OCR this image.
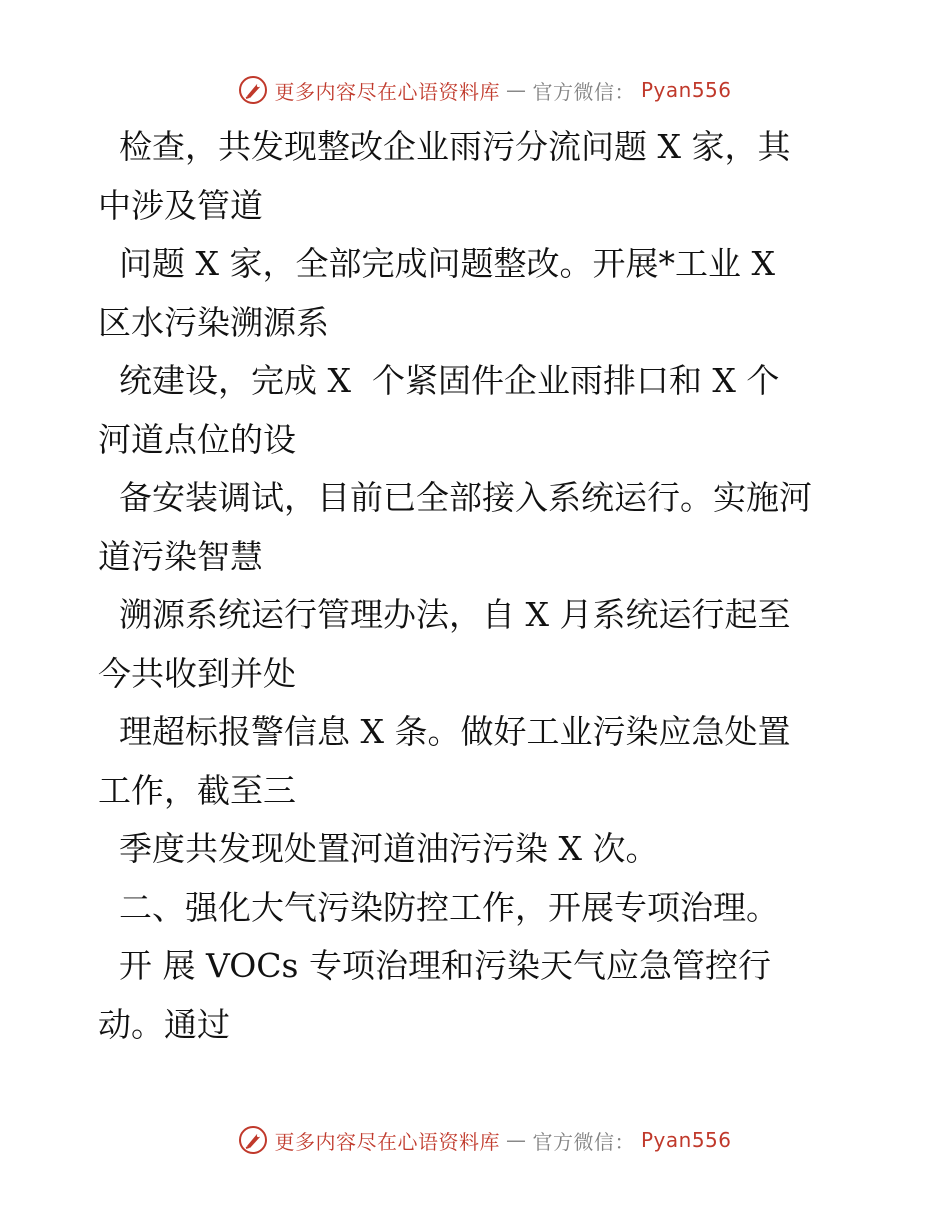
更多内容尽在心语资料库 — 官方微信： Pyan556

检查，共发现整改企业雨污分流问题 X 家，其

中涉及管道

问题 X 家，全部完成问题整改。开展*工业 X

区水污染溯源系

统建设，完成 X  个紧固件企业雨排口和 X 个

河道点位的设

备安装调试，目前已全部接入系统运行。实施河

道污染智慧

溯源系统运行管理办法，自 X 月系统运行起至

今共收到并处

理超标报警信息 X 条。做好工业污染应急处置

工作，截至三

季度共发现处置河道油污污染 X 次。

二、强化大气污染防控工作，开展专项治理。

开 展 VOCs 专项治理和污染天气应急管控行

动。通过

更多内容尽在心语资料库 — 官方微信： Pyan556
